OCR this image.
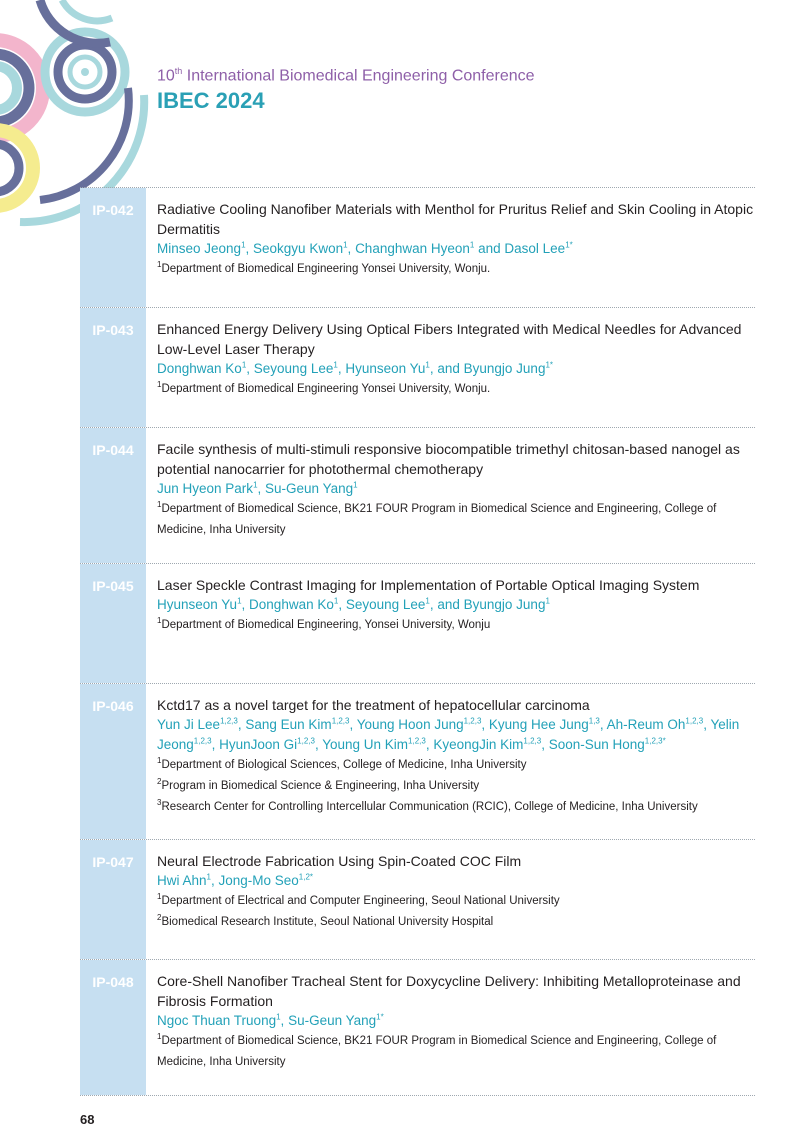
10th International Biomedical Engineering Conference
IBEC 2024
IP-042	Radiative Cooling Nanofiber Materials with Menthol for Pruritus Relief and Skin Cooling in Atopic Dermatitis
Minseo Jeong$^1$, Seokgyu Kwon$^1$, Changhwan Hyeon$^1$ and Dasol Lee$^{1*}$
$^1$Department of Biomedical Engineering Yonsei University, Wonju.
IP-043	Enhanced Energy Delivery Using Optical Fibers Integrated with Medical Needles for Advanced Low-Level Laser Therapy
Donghwan Ko$^1$, Seyoung Lee$^1$, Hyunseon Yu$^1$, and Byungjo Jung$^{1*}$
$^1$Department of Biomedical Engineering Yonsei University, Wonju.
IP-044	Facile synthesis of multi-stimuli responsive biocompatible trimethyl chitosan-based nanogel as potential nanocarrier for photothermal chemotherapy
Jun Hyeon Park$^1$, Su-Geun Yang$^1$
$^1$Department of Biomedical Science, BK21 FOUR Program in Biomedical Science and Engineering, College of Medicine, Inha University
IP-045	Laser Speckle Contrast Imaging for Implementation of Portable Optical Imaging System
Hyunseon Yu$^1$, Donghwan Ko$^1$, Seyoung Lee$^1$, and Byungjo Jung$^1$
$^1$Department of Biomedical Engineering, Yonsei University, Wonju
IP-046	Kctd17 as a novel target for the treatment of hepatocellular carcinoma
Yun Ji Lee$^{1,2,3}$, Sang Eun Kim$^{1,2,3}$, Young Hoon Jung$^{1,2,3}$, Kyung Hee Jung$^{1,3}$, Ah-Reum Oh$^{1,2,3}$, Yelin Jeong$^{1,2,3}$, HyunJoon Gi$^{1,2,3}$, Young Un Kim$^{1,2,3}$, KyeongJin Kim$^{1,2,3}$, Soon-Sun Hong$^{1,2,3*}$
$^1$Department of Biological Sciences, College of Medicine, Inha University
$^2$Program in Biomedical Science & Engineering, Inha University
$^3$Research Center for Controlling Intercellular Communication (RCIC), College of Medicine, Inha University
IP-047	Neural Electrode Fabrication Using Spin-Coated COC Film
Hwi Ahn$^1$, Jong-Mo Seo$^{1,2*}$
$^1$Department of Electrical and Computer Engineering, Seoul National University
$^2$Biomedical Research Institute, Seoul National University Hospital
IP-048	Core-Shell Nanofiber Tracheal Stent for Doxycycline Delivery: Inhibiting Metalloproteinase and Fibrosis Formation
Ngoc Thuan Truong$^1$, Su-Geun Yang$^{1*}$
$^1$Department of Biomedical Science, BK21 FOUR Program in Biomedical Science and Engineering, College of Medicine, Inha University
68
